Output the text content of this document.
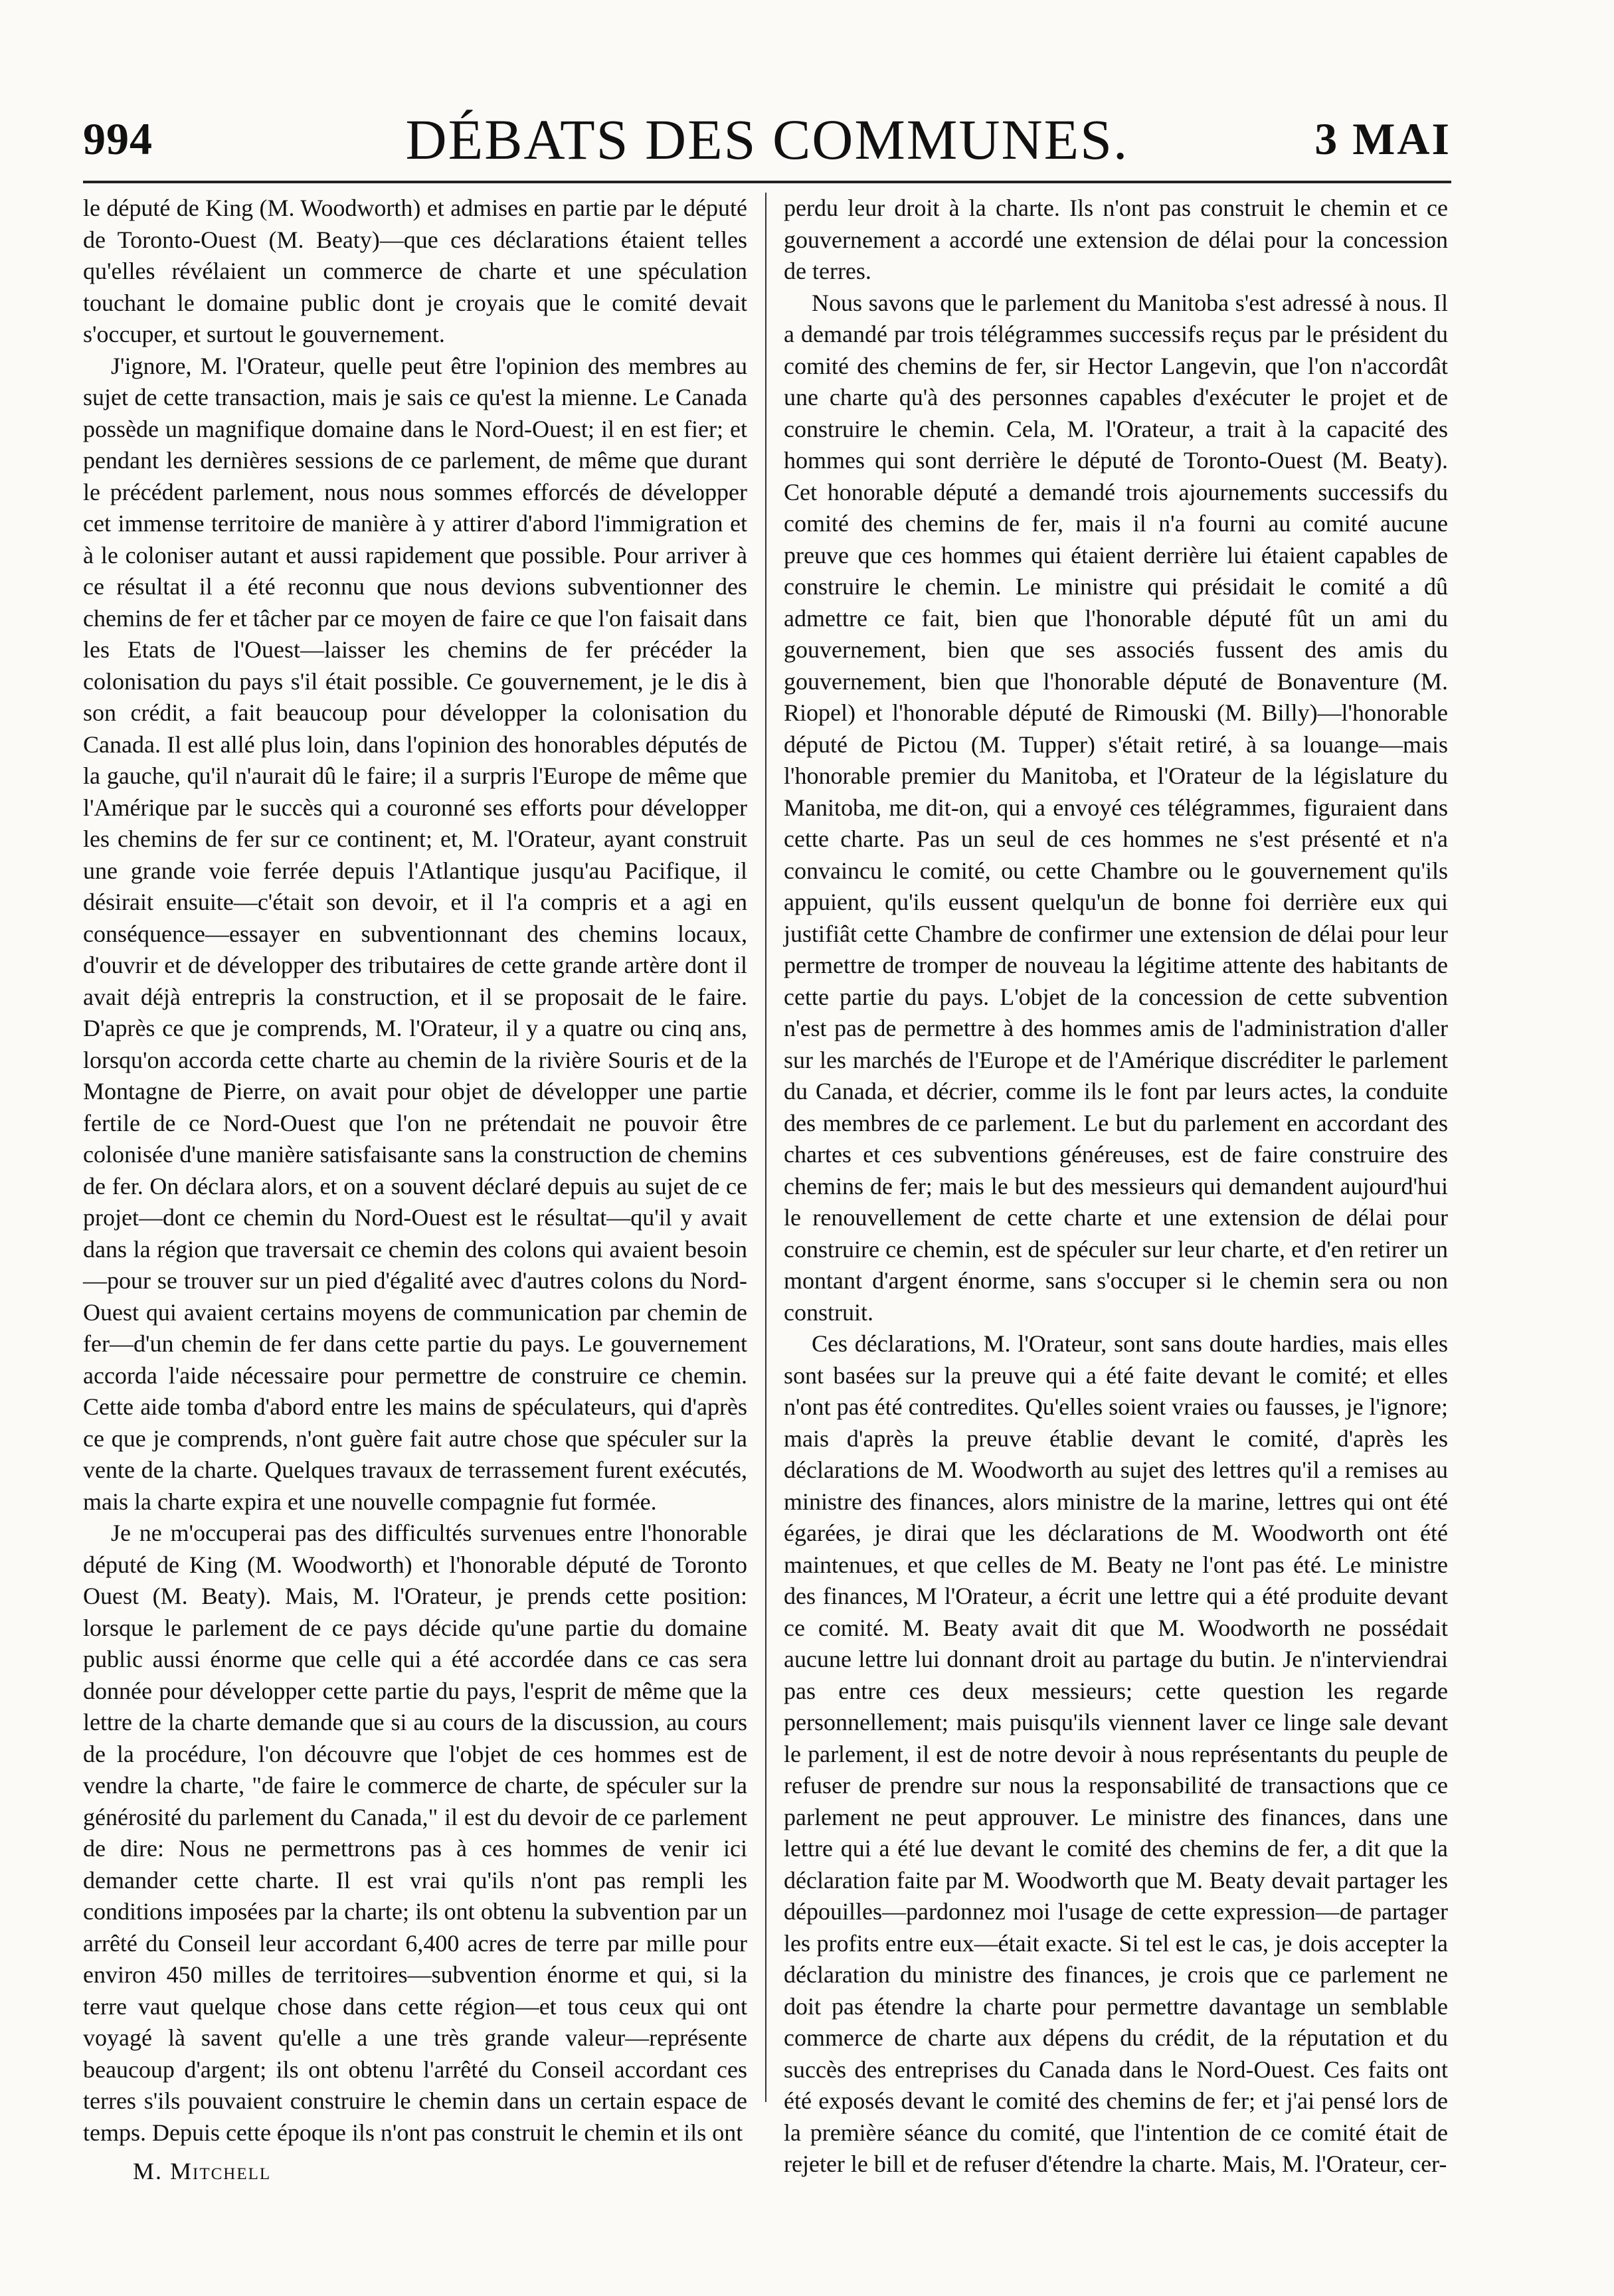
994	DÉBATS DES COMMUNES.	3 MAI

le député de King (M. Woodworth) et admises en partie par le député de Toronto-Ouest (M. Beaty)—que ces déclarations étaient telles qu'elles révélaient un commerce de charte et une spéculation touchant le domaine public dont je croyais que le comité devait s'occuper, et surtout le gouvernement.

J'ignore, M. l'Orateur, quelle peut être l'opinion des membres au sujet de cette transaction, mais je sais ce qu'est la mienne. Le Canada possède un magnifique domaine dans le Nord-Ouest; il en est fier; et pendant les dernières sessions de ce parlement, de même que durant le précédent parlement, nous nous sommes efforcés de développer cet immense territoire de manière à y attirer d'abord l'immigration et à le coloniser autant et aussi rapidement que possible. Pour arriver à ce résultat il a été reconnu que nous devions subventionner des chemins de fer et tâcher par ce moyen de faire ce que l'on faisait dans les Etats de l'Ouest—laisser les chemins de fer précéder la colonisation du pays s'il était possible. Ce gouvernement, je le dis à son crédit, a fait beaucoup pour développer la colonisation du Canada. Il est allé plus loin, dans l'opinion des honorables députés de la gauche, qu'il n'aurait dû le faire; il a surpris l'Europe de même que l'Amérique par le succès qui a couronné ses efforts pour développer les chemins de fer sur ce continent; et, M. l'Orateur, ayant construit une grande voie ferrée depuis l'Atlantique jusqu'au Pacifique, il désirait ensuite—c'était son devoir, et il l'a compris et a agi en conséquence—essayer en subventionnant des chemins locaux, d'ouvrir et de développer des tributaires de cette grande artère dont il avait déjà entrepris la construction, et il se proposait de le faire. D'après ce que je comprends, M. l'Orateur, il y a quatre ou cinq ans, lorsqu'on accorda cette charte au chemin de la rivière Souris et de la Montagne de Pierre, on avait pour objet de développer une partie fertile de ce Nord-Ouest que l'on ne prétendait ne pouvoir être colonisée d'une manière satisfaisante sans la construction de chemins de fer. On déclara alors, et on a souvent déclaré depuis au sujet de ce projet—dont ce chemin du Nord-Ouest est le résultat—qu'il y avait dans la région que traversait ce chemin des colons qui avaient besoin—pour se trouver sur un pied d'égalité avec d'autres colons du Nord-Ouest qui avaient certains moyens de communication par chemin de fer—d'un chemin de fer dans cette partie du pays. Le gouvernement accorda l'aide nécessaire pour permettre de construire ce chemin. Cette aide tomba d'abord entre les mains de spéculateurs, qui d'après ce que je comprends, n'ont guère fait autre chose que spéculer sur la vente de la charte. Quelques travaux de terrassement furent exécutés, mais la charte expira et une nouvelle compagnie fut formée.

Je ne m'occuperai pas des difficultés survenues entre l'honorable député de King (M. Woodworth) et l'honorable député de Toronto Ouest (M. Beaty). Mais, M. l'Orateur, je prends cette position: lorsque le parlement de ce pays décide qu'une partie du domaine public aussi énorme que celle qui a été accordée dans ce cas sera donnée pour développer cette partie du pays, l'esprit de même que la lettre de la charte demande que si au cours de la discussion, au cours de la procédure, l'on découvre que l'objet de ces hommes est de vendre la charte, "de faire le commerce de charte, de spéculer sur la générosité du parlement du Canada," il est du devoir de ce parlement de dire: Nous ne permettrons pas à ces hommes de venir ici demander cette charte. Il est vrai qu'ils n'ont pas rempli les conditions imposées par la charte; ils ont obtenu la subvention par un arrêté du Conseil leur accordant 6,400 acres de terre par mille pour environ 450 milles de territoires—subvention énorme et qui, si la terre vaut quelque chose dans cette région—et tous ceux qui ont voyagé là savent qu'elle a une très grande valeur—représente beaucoup d'argent; ils ont obtenu l'arrêté du Conseil accordant ces terres s'ils pouvaient construire le chemin dans un certain espace de temps. Depuis cette époque ils n'ont pas construit le chemin et ils ont

perdu leur droit à la charte. Ils n'ont pas construit le chemin et ce gouvernement a accordé une extension de délai pour la concession de terres.

Nous savons que le parlement du Manitoba s'est adressé à nous. Il a demandé par trois télégrammes successifs reçus par le président du comité des chemins de fer, sir Hector Langevin, que l'on n'accordât une charte qu'à des personnes capables d'exécuter le projet et de construire le chemin. Cela, M. l'Orateur, a trait à la capacité des hommes qui sont derrière le député de Toronto-Ouest (M. Beaty). Cet honorable député a demandé trois ajournements successifs du comité des chemins de fer, mais il n'a fourni au comité aucune preuve que ces hommes qui étaient derrière lui étaient capables de construire le chemin. Le ministre qui présidait le comité a dû admettre ce fait, bien que l'honorable député fût un ami du gouvernement, bien que ses associés fussent des amis du gouvernement, bien que l'honorable député de Bonaventure (M. Riopel) et l'honorable député de Rimouski (M. Billy)—l'honorable député de Pictou (M. Tupper) s'était retiré, à sa louange—mais l'honorable premier du Manitoba, et l'Orateur de la législature du Manitoba, me dit-on, qui a envoyé ces télégrammes, figuraient dans cette charte. Pas un seul de ces hommes ne s'est présenté et n'a convaincu le comité, ou cette Chambre ou le gouvernement qu'ils appuient, qu'ils eussent quelqu'un de bonne foi derrière eux qui justifiât cette Chambre de confirmer une extension de délai pour leur permettre de tromper de nouveau la légitime attente des habitants de cette partie du pays. L'objet de la concession de cette subvention n'est pas de permettre à des hommes amis de l'administration d'aller sur les marchés de l'Europe et de l'Amérique discréditer le parlement du Canada, et décrier, comme ils le font par leurs actes, la conduite des membres de ce parlement. Le but du parlement en accordant des chartes et ces subventions généreuses, est de faire construire des chemins de fer; mais le but des messieurs qui demandent aujourd'hui le renouvellement de cette charte et une extension de délai pour construire ce chemin, est de spéculer sur leur charte, et d'en retirer un montant d'argent énorme, sans s'occuper si le chemin sera ou non construit.

Ces déclarations, M. l'Orateur, sont sans doute hardies, mais elles sont basées sur la preuve qui a été faite devant le comité; et elles n'ont pas été contredites. Qu'elles soient vraies ou fausses, je l'ignore; mais d'après la preuve établie devant le comité, d'après les déclarations de M. Woodworth au sujet des lettres qu'il a remises au ministre des finances, alors ministre de la marine, lettres qui ont été égarées, je dirai que les déclarations de M. Woodworth ont été maintenues, et que celles de M. Beaty ne l'ont pas été. Le ministre des finances, M l'Orateur, a écrit une lettre qui a été produite devant ce comité. M. Beaty avait dit que M. Woodworth ne possédait aucune lettre lui donnant droit au partage du butin. Je n'interviendrai pas entre ces deux messieurs; cette question les regarde personnellement; mais puisqu'ils viennent laver ce linge sale devant le parlement, il est de notre devoir à nous représentants du peuple de refuser de prendre sur nous la responsabilité de transactions que ce parlement ne peut approuver. Le ministre des finances, dans une lettre qui a été lue devant le comité des chemins de fer, a dit que la déclaration faite par M. Woodworth que M. Beaty devait partager les dépouilles—pardonnez moi l'usage de cette expression—de partager les profits entre eux—était exacte. Si tel est le cas, je dois accepter la déclaration du ministre des finances, je crois que ce parlement ne doit pas étendre la charte pour permettre davantage un semblable commerce de charte aux dépens du crédit, de la réputation et du succès des entreprises du Canada dans le Nord-Ouest. Ces faits ont été exposés devant le comité des chemins de fer; et j'ai pensé lors de la première séance du comité, que l'intention de ce comité était de rejeter le bill et de refuser d'étendre la charte. Mais, M. l'Orateur, cer-

M. Mitchell
